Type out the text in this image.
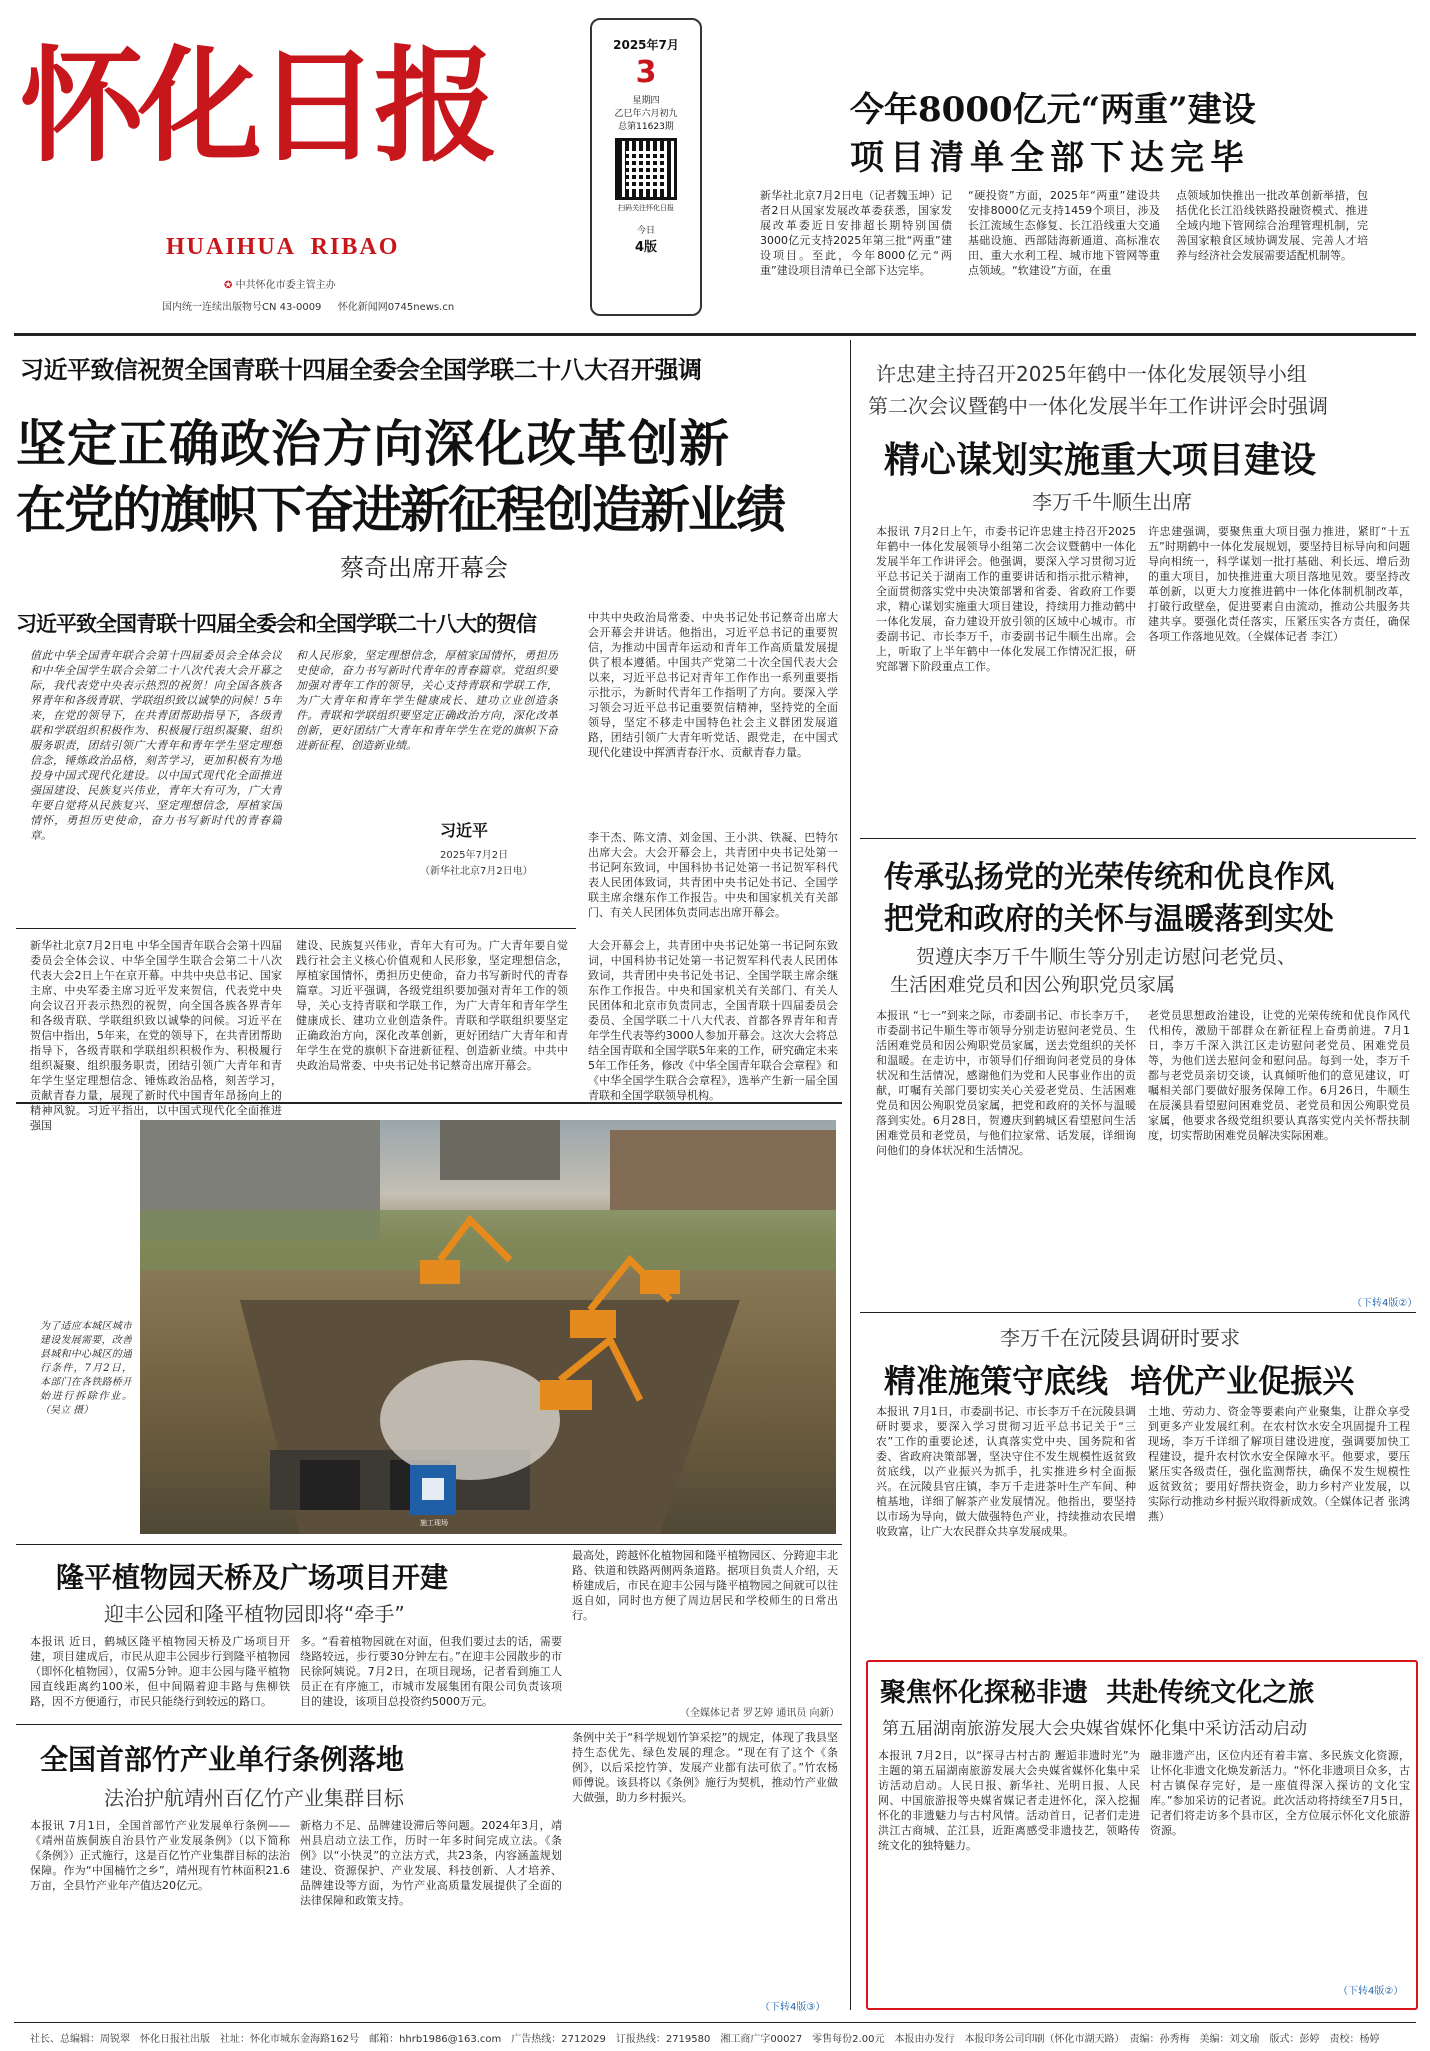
怀化日报
HUAIHUA  RIBAO
✪ 中共怀化市委主管主办
国内统一连续出版物号CN 43-0009 　 怀化新闻网0745news.cn
2025年7月
3
星期四
乙巳年六月初九
总第11623期
扫码关注怀化日报
今日
4版
今年8000亿元“两重”建设
项目清单全部下达完毕
新华社北京7月2日电（记者魏玉坤）记者2日从国家发展改革委获悉，国家发展改革委近日安排超长期特别国债3000亿元支持2025年第三批“两重”建设项目。至此，今年8000亿元“两重”建设项目清单已全部下达完毕。
“硬投资”方面，2025年“两重”建设共安排8000亿元支持1459个项目，涉及长江流域生态修复、长江沿线重大交通基础设施、西部陆海新通道、高标准农田、重大水利工程、城市地下管网等重点领域。“软建设”方面，在重
点领域加快推出一批改革创新举措，包括优化长江沿线铁路投融资模式、推进全域内地下管网综合治理管理机制，完善国家粮食区域协调发展、完善人才培养与经济社会发展需要适配机制等。
习近平致信祝贺全国青联十四届全委会全国学联二十八大召开强调
坚定正确政治方向深化改革创新
在党的旗帜下奋进新征程创造新业绩
蔡奇出席开幕会
习近平致全国青联十四届全委会和全国学联二十八大的贺信
值此中华全国青年联合会第十四届委员会全体会议和中华全国学生联合会第二十八次代表大会开幕之际，我代表党中央表示热烈的祝贺！向全国各族各界青年和各级青联、学联组织致以诚挚的问候！5年来，在党的领导下，在共青团帮助指导下，各级青联和学联组织积极作为、积极履行组织凝聚、组织服务职责，团结引领广大青年和青年学生坚定理想信念，锤炼政治品格，刻苦学习，更加积极有为地投身中国式现代化建设。以中国式现代化全面推进强国建设、民族复兴伟业，青年大有可为，广大青年要自觉将从民族复兴、坚定理想信念，厚植家国情怀，勇担历史使命，奋力书写新时代的青春篇章。
和人民形象，坚定理想信念，厚植家国情怀，勇担历史使命，奋力书写新时代青年的青春篇章。党组织要加强对青年工作的领导，关心支持青联和学联工作，为广大青年和青年学生健康成长、建功立业创造条件。青联和学联组织要坚定正确政治方向，深化改革创新，更好团结广大青年和青年学生在党的旗帜下奋进新征程、创造新业绩。
习近平
2025年7月2日
（新华社北京7月2日电）
中共中央政治局常委、中央书记处书记蔡奇出席大会开幕会并讲话。他指出，习近平总书记的重要贺信，为推动中国青年运动和青年工作高质量发展提供了根本遵循。中国共产党第二十次全国代表大会以来，习近平总书记对青年工作作出一系列重要指示批示，为新时代青年工作指明了方向。要深入学习领会习近平总书记重要贺信精神，坚持党的全面领导，坚定不移走中国特色社会主义群团发展道路，团结引领广大青年听党话、跟党走，在中国式现代化建设中挥洒青春汗水、贡献青春力量。
李干杰、陈文清、刘金国、王小洪、铁凝、巴特尔出席大会。大会开幕会上，共青团中央书记处第一书记阿东致词，中国科协书记处第一书记贺军科代表人民团体致词，共青团中央书记处书记、全国学联主席余继东作工作报告。中央和国家机关有关部门、有关人民团体负责同志出席开幕会。
新华社北京7月2日电 中华全国青年联合会第十四届委员会全体会议、中华全国学生联合会第二十八次代表大会2日上午在京开幕。中共中央总书记、国家主席、中央军委主席习近平发来贺信，代表党中央向会议召开表示热烈的祝贺，向全国各族各界青年和各级青联、学联组织致以诚挚的问候。习近平在贺信中指出，5年来，在党的领导下，在共青团帮助指导下，各级青联和学联组织积极作为、积极履行组织凝聚、组织服务职责，团结引领广大青年和青年学生坚定理想信念、锤炼政治品格，刻苦学习，贡献青春力量，展现了新时代中国青年昂扬向上的精神风貌。习近平指出，以中国式现代化全面推进强国
建设、民族复兴伟业，青年大有可为。广大青年要自觉践行社会主义核心价值观和人民形象，坚定理想信念，厚植家国情怀，勇担历史使命，奋力书写新时代的青春篇章。习近平强调，各级党组织要加强对青年工作的领导，关心支持青联和学联工作，为广大青年和青年学生健康成长、建功立业创造条件。青联和学联组织要坚定正确政治方向，深化改革创新，更好团结广大青年和青年学生在党的旗帜下奋进新征程、创造新业绩。中共中央政治局常委、中央书记处书记蔡奇出席开幕会。
大会开幕会上，共青团中央书记处第一书记阿东致词，中国科协书记处第一书记贺军科代表人民团体致词，共青团中央书记处书记、全国学联主席余继东作工作报告。中央和国家机关有关部门、有关人民团体和北京市负责同志，全国青联十四届委员会委员、全国学联二十八大代表、首都各界青年和青年学生代表等约3000人参加开幕会。这次大会将总结全国青联和全国学联5年来的工作，研究确定未来5年工作任务，修改《中华全国青年联合会章程》和《中华全国学生联合会章程》，选举产生新一届全国青联和全国学联领导机构。
施工现场
为了适应本城区城市建设发展需要，改善县城和中心城区的通行条件，7月2日，本部门在各铁路桥开始进行拆除作业。（吴立 摄）
隆平植物园天桥及广场项目开建
迎丰公园和隆平植物园即将“牵手”
本报讯 近日，鹤城区隆平植物园天桥及广场项目开建，项目建成后，市民从迎丰公园步行到隆平植物园（即怀化植物园），仅需5分钟。迎丰公园与隆平植物园直线距离约100米，但中间隔着迎丰路与焦柳铁路，因不方便通行，市民只能绕行到较远的路口。
多。“看着植物园就在对面，但我们要过去的话，需要绕路较远，步行要30分钟左右。”在迎丰公园散步的市民徐阿姨说。7月2日，在项目现场，记者看到施工人员正在有序施工，市城市发展集团有限公司负责该项目的建设，该项目总投资约5000万元。
最高处，跨越怀化植物园和隆平植物园区、分跨迎丰北路、铁道和铁路两侧两条道路。据项目负责人介绍，天桥建成后，市民在迎丰公园与隆平植物园之间就可以往返自如，同时也方便了周边居民和学校师生的日常出行。
（全媒体记者 罗艺婷 通讯员 向新）
全国首部竹产业单行条例落地
法治护航靖州百亿竹产业集群目标
本报讯 7月1日，全国首部竹产业发展单行条例——《靖州苗族侗族自治县竹产业发展条例》（以下简称《条例》）正式施行，这是百亿竹产业集群目标的法治保障。作为“中国楠竹之乡”，靖州现有竹林面积21.6万亩，全县竹产业年产值达20亿元。
新格力不足、品牌建设滞后等问题。2024年3月，靖州县启动立法工作，历时一年多时间完成立法。《条例》以“小快灵”的立法方式，共23条，内容涵盖规划建设、资源保护、产业发展、科技创新、人才培养、品牌建设等方面，为竹产业高质量发展提供了全面的法律保障和政策支持。
条例中关于“科学规划竹笋采挖”的规定，体现了我县坚持生态优先、绿色发展的理念。“现在有了这个《条例》，以后采挖竹笋、发展产业都有法可依了。”竹农杨师傅说。该县将以《条例》施行为契机，推动竹产业做大做强，助力乡村振兴。
（下转4版③）
许忠建主持召开2025年鹤中一体化发展领导小组
第二次会议暨鹤中一体化发展半年工作讲评会时强调
精心谋划实施重大项目建设
李万千牛顺生出席
本报讯 7月2日上午，市委书记许忠建主持召开2025年鹤中一体化发展领导小组第二次会议暨鹤中一体化发展半年工作讲评会。他强调，要深入学习贯彻习近平总书记关于湖南工作的重要讲话和指示批示精神，全面贯彻落实党中央决策部署和省委、省政府工作要求，精心谋划实施重大项目建设，持续用力推动鹤中一体化发展，奋力建设开放引领的区域中心城市。市委副书记、市长李万千，市委副书记牛顺生出席。会上，听取了上半年鹤中一体化发展工作情况汇报，研究部署下阶段重点工作。
许忠建强调，要聚焦重大项目强力推进，紧盯“十五五”时期鹤中一体化发展规划，要坚持目标导向和问题导向相统一，科学谋划一批打基础、利长远、增后劲的重大项目，加快推进重大项目落地见效。要坚持改革创新，以更大力度推进鹤中一体化体制机制改革，打破行政壁垒，促进要素自由流动，推动公共服务共建共享。要强化责任落实，压紧压实各方责任，确保各项工作落地见效。（全媒体记者 李江）
传承弘扬党的光荣传统和优良作风
把党和政府的关怀与温暖落到实处
贺遵庆李万千牛顺生等分别走访慰问老党员、
生活困难党员和因公殉职党员家属
本报讯 “七一”到来之际，市委副书记、市长李万千，市委副书记牛顺生等市领导分别走访慰问老党员、生活困难党员和因公殉职党员家属，送去党组织的关怀和温暖。在走访中，市领导们仔细询问老党员的身体状况和生活情况，感谢他们为党和人民事业作出的贡献，叮嘱有关部门要切实关心关爱老党员、生活困难党员和因公殉职党员家属，把党和政府的关怀与温暖落到实处。6月28日，贺遵庆到鹤城区看望慰问生活困难党员和老党员，与他们拉家常、话发展，详细询问他们的身体状况和生活情况。
老党员思想政治建设，让党的光荣传统和优良作风代代相传，激励干部群众在新征程上奋勇前进。7月1日，李万千深入洪江区走访慰问老党员、困难党员等，为他们送去慰问金和慰问品。每到一处，李万千都与老党员亲切交谈，认真倾听他们的意见建议，叮嘱相关部门要做好服务保障工作。6月26日，牛顺生在辰溪县看望慰问困难党员、老党员和因公殉职党员家属，他要求各级党组织要认真落实党内关怀帮扶制度，切实帮助困难党员解决实际困难。
（下转4版②）
李万千在沅陵县调研时要求
精准施策守底线  培优产业促振兴
本报讯 7月1日，市委副书记、市长李万千在沅陵县调研时要求，要深入学习贯彻习近平总书记关于“三农”工作的重要论述，认真落实党中央、国务院和省委、省政府决策部署，坚决守住不发生规模性返贫致贫底线，以产业振兴为抓手，扎实推进乡村全面振兴。在沅陵县官庄镇，李万千走进茶叶生产车间、种植基地，详细了解茶产业发展情况。他指出，要坚持以市场为导向，做大做强特色产业，持续推动农民增收致富，让广大农民群众共享发展成果。
土地、劳动力、资金等要素向产业聚集，让群众享受到更多产业发展红利。在农村饮水安全巩固提升工程现场，李万千详细了解项目建设进度，强调要加快工程建设，提升农村饮水安全保障水平。他要求，要压紧压实各级责任，强化监测帮扶，确保不发生规模性返贫致贫；要用好帮扶资金，助力乡村产业发展，以实际行动推动乡村振兴取得新成效。（全媒体记者 张鸿燕）
聚焦怀化探秘非遗  共赴传统文化之旅
第五届湖南旅游发展大会央媒省媒怀化集中采访活动启动
本报讯 7月2日，以“探寻古村古韵 邂逅非遗时光”为主题的第五届湖南旅游发展大会央媒省媒怀化集中采访活动启动。人民日报、新华社、光明日报、人民网、中国旅游报等央媒省媒记者走进怀化，深入挖掘怀化的非遗魅力与古村风情。活动首日，记者们走进洪江古商城、芷江县，近距离感受非遗技艺，领略传统文化的独特魅力。
融非遗产出，区位内还有着丰富、多民族文化资源，让怀化非遗文化焕发新活力。“怀化非遗项目众多，古村古镇保存完好，是一座值得深入探访的文化宝库。”参加采访的记者说。此次活动将持续至7月5日，记者们将走访多个县市区，全方位展示怀化文化旅游资源。
（下转4版②）
社长、总编辑：周锐翠　怀化日报社出版　社址：怀化市城东金海路162号　邮箱：hhrb1986@163.com　广告热线：2712029　订报热线：2719580　湘工商广字00027　零售每份2.00元　本报由办发行　本报印务公司印刷（怀化市湖天路）　责编：孙秀梅　美编：刘文瑜　版式：彭婷　责校：杨婷
